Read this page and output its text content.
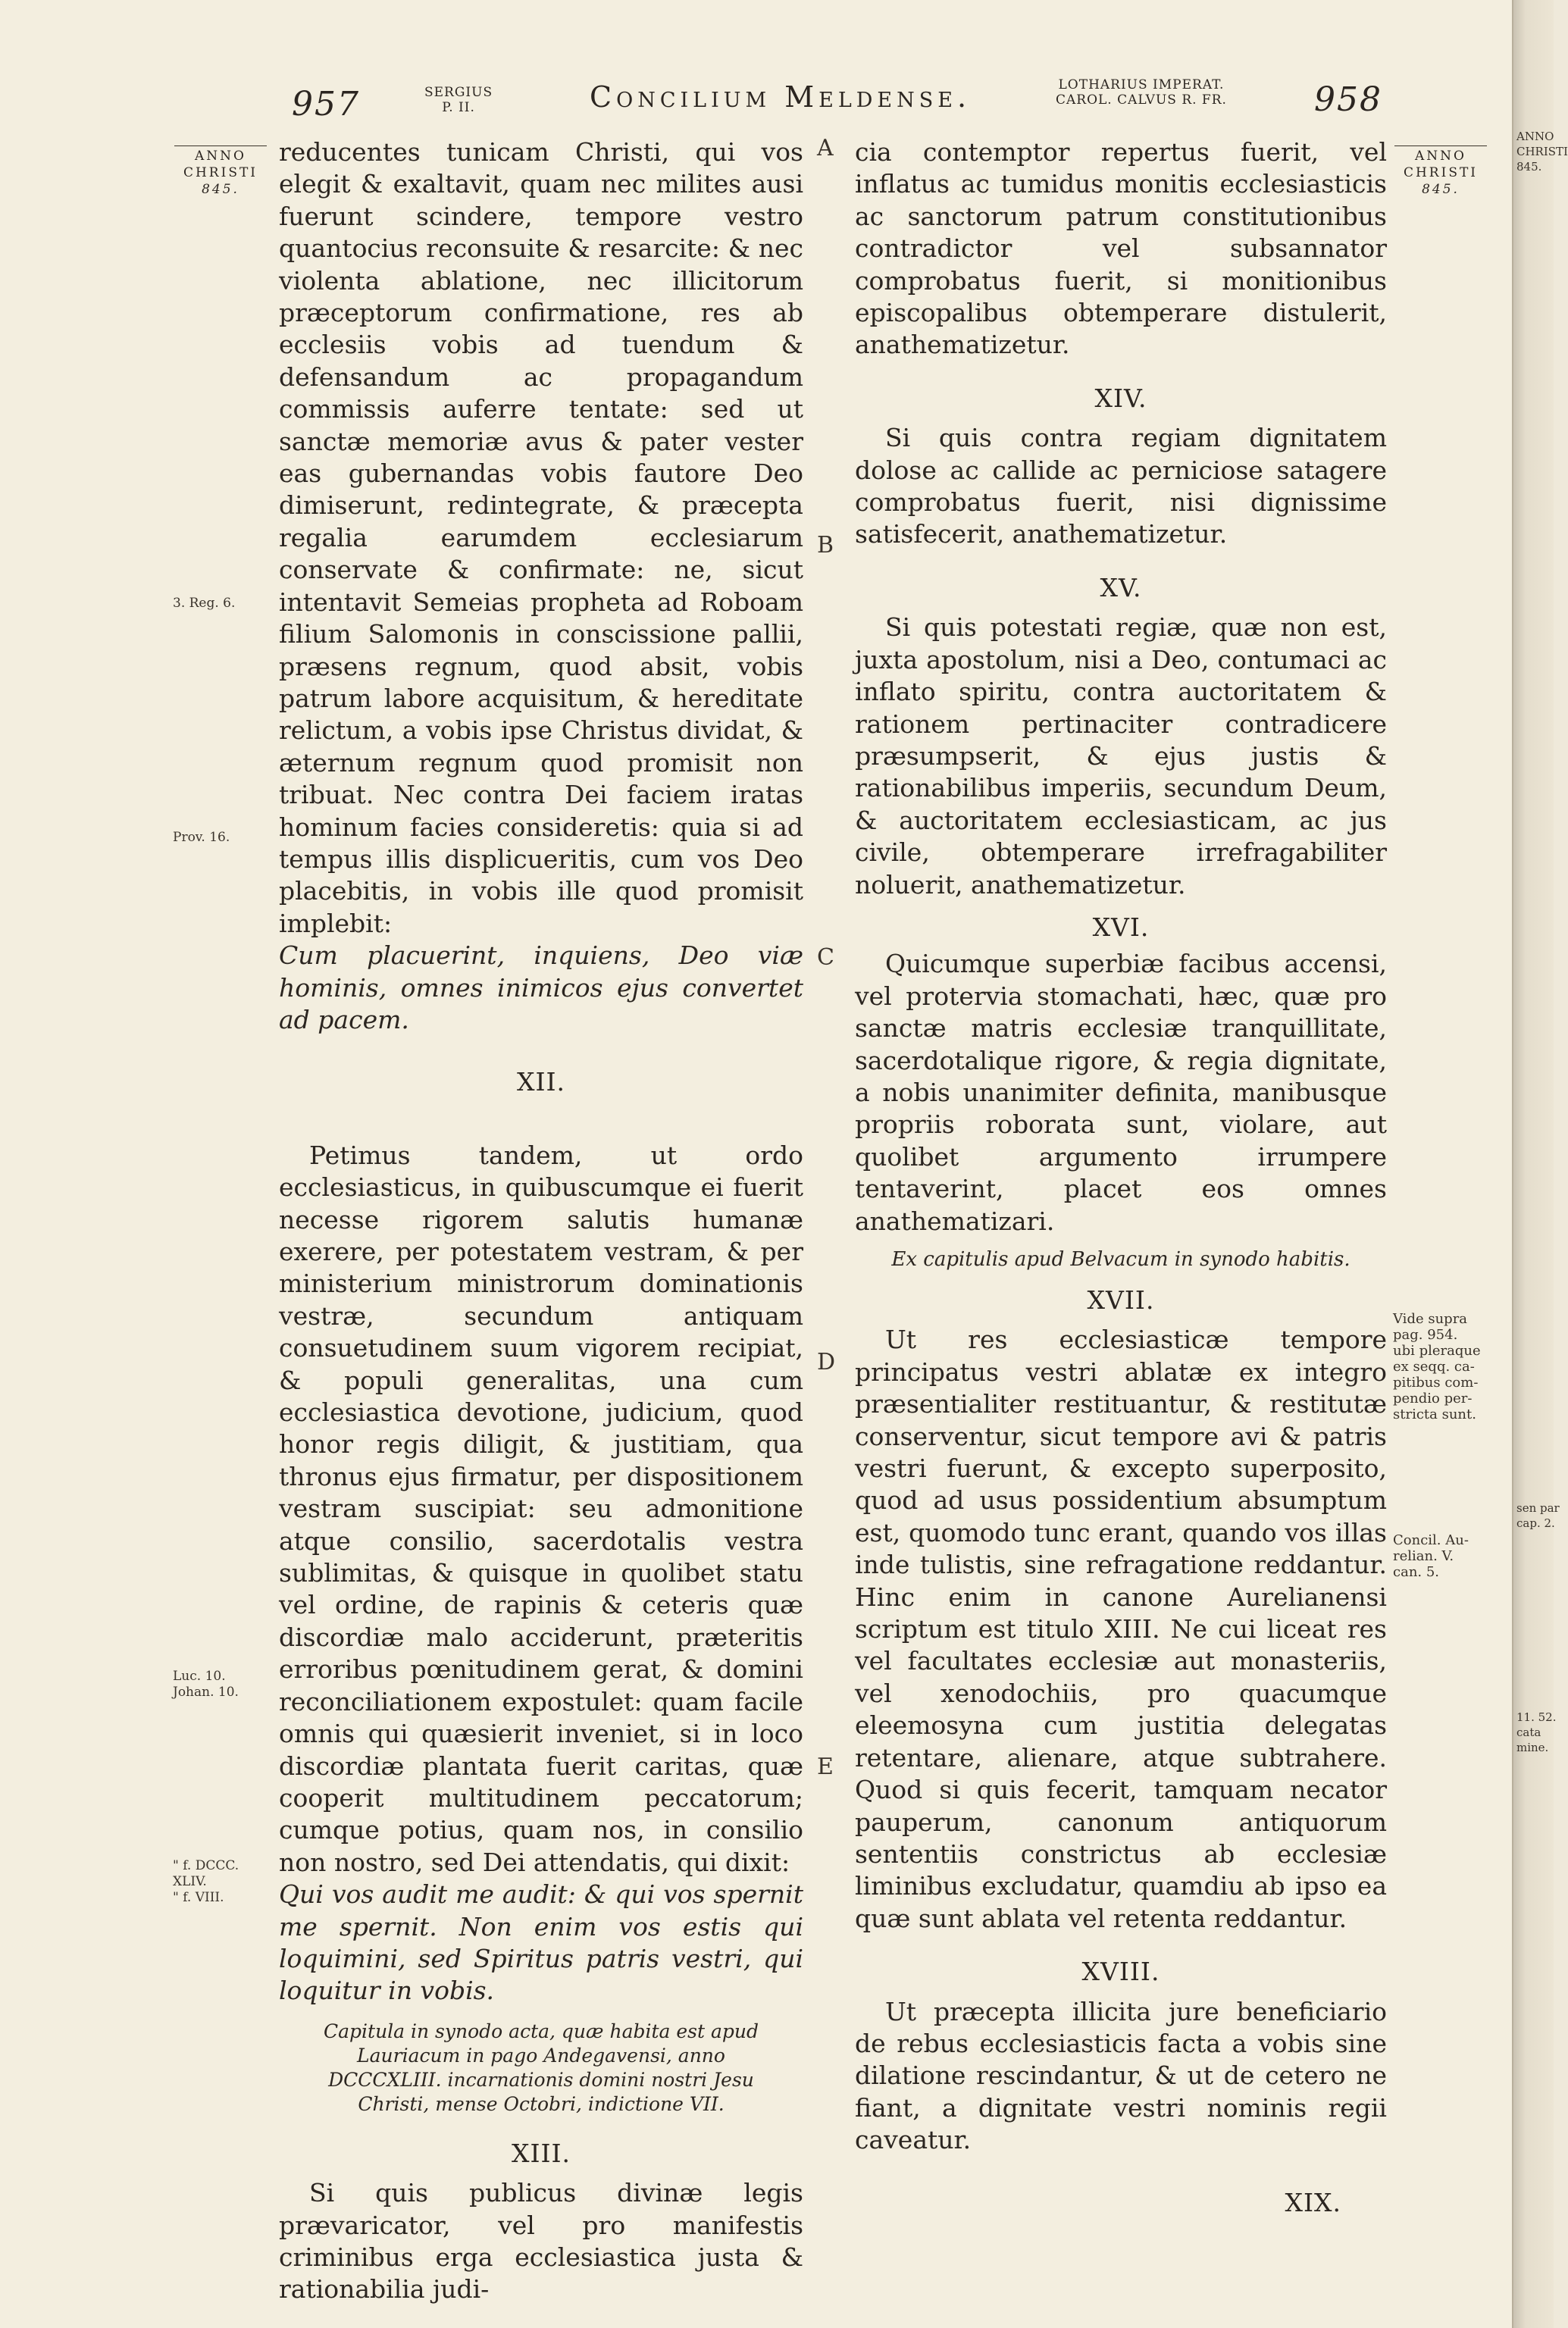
957	SERGIUS
P. II.	Concilium Meldense.	LOTHARIUS IMPERAT.
CAROL. CALVUS R. FR.	958
ANNO
CHRISTI
845.
ANNO
CHRISTI
845.
3. Reg. 6.
Prov. 16.
Luc. 10.
Johan. 10.
" f. DCCC.
XLIV.
" f. VIII.
A
B
C
D
E
Vide supra
pag. 954.
ubi pleraque
ex seqq. ca-
pitibus com-
pendio per-
stricta sunt.
Concil. Au-
relian. V.
can. 5.

reducentes tunicam Christi, qui vos elegit & exaltavit, quam nec milites ausi fuerunt scindere, tempore vestro quantocius reconsuite & resarcite: & nec violenta ablatione, nec illicitorum præceptorum confirmatione, res ab ecclesiis vobis ad tuendum & defensandum ac propagandum commissis auferre tentate: sed ut sanctæ memoriæ avus & pater vester eas gubernandas vobis fautore Deo dimiserunt, redintegrate, & præcepta regalia earumdem ecclesiarum conservate & confirmate: ne, sicut intentavit Semeias propheta ad Roboam filium Salomonis in conscissione pallii, præsens regnum, quod absit, vobis patrum labore acquisitum, & hereditate relictum, a vobis ipse Christus dividat, & æternum regnum quod promisit non tribuat. Nec contra Dei faciem iratas hominum facies consideretis: quia si ad tempus illis displicueritis, cum vos Deo placebitis, in vobis ille quod promisit implebit:

Cum placuerint, inquiens, Deo viæ hominis, omnes inimicos ejus convertet ad pacem.

XII.

Petimus tandem, ut ordo ecclesiasticus, in quibuscumque ei fuerit necesse rigorem salutis humanæ exerere, per potestatem vestram, & per ministerium ministrorum dominationis vestræ, secundum antiquam consuetudinem suum vigorem recipiat, & populi generalitas, una cum ecclesiastica devotione, judicium, quod honor regis diligit, & justitiam, qua thronus ejus firmatur, per dispositionem vestram suscipiat: seu admonitione atque consilio, sacerdotalis vestra sublimitas, & quisque in quolibet statu vel ordine, de rapinis & ceteris quæ discordiæ malo acciderunt, præteritis erroribus pœnitudinem gerat, & domini reconciliationem expostulet: quam facile omnis qui quæsierit inveniet, si in loco discordiæ plantata fuerit caritas, quæ cooperit multitudinem peccatorum; cumque potius, quam nos, in consilio non nostro, sed Dei attendatis, qui dixit:

Qui vos audit me audit: & qui vos spernit me spernit. Non enim vos estis qui loquimini, sed Spiritus patris vestri, qui loquitur in vobis.

Capitula in synodo acta, quæ habita est apud Lauriacum in pago Andegavensi, anno DCCCXLIII. incarnationis domini nostri Jesu Christi, mense Octobri, indictione VII.

XIII.

Si quis publicus divinæ legis prævaricator, vel pro manifestis criminibus erga ecclesiastica justa & rationabilia judi-

cia contemptor repertus fuerit, vel inflatus ac tumidus monitis ecclesiasticis ac sanctorum patrum constitutionibus contradictor vel subsannator comprobatus fuerit, si monitionibus episcopalibus obtemperare distulerit, anathematizetur.

XIV.

Si quis contra regiam dignitatem dolose ac callide ac perniciose satagere comprobatus fuerit, nisi dignissime satisfecerit, anathematizetur.

XV.

Si quis potestati regiæ, quæ non est, juxta apostolum, nisi a Deo, contumaci ac inflato spiritu, contra auctoritatem & rationem pertinaciter contradicere præsumpserit, & ejus justis & rationabilibus imperiis, secundum Deum, & auctoritatem ecclesiasticam, ac jus civile, obtemperare irrefragabiliter noluerit, anathematizetur.

XVI.

Quicumque superbiæ facibus accensi, vel protervia stomachati, hæc, quæ pro sanctæ matris ecclesiæ tranquillitate, sacerdotalique rigore, & regia dignitate, a nobis unanimiter definita, manibusque propriis roborata sunt, violare, aut quolibet argumento irrumpere tentaverint, placet eos omnes anathematizari.

Ex capitulis apud Belvacum in synodo habitis.

XVII.

Ut res ecclesiasticæ tempore principatus vestri ablatæ ex integro præsentialiter restituantur, & restitutæ conserventur, sicut tempore avi & patris vestri fuerunt, & excepto superposito, quod ad usus possidentium absumptum est, quomodo tunc erant, quando vos illas inde tulistis, sine refragatione reddantur. Hinc enim in canone Aurelianensi scriptum est titulo XIII. Ne cui liceat res vel facultates ecclesiæ aut monasteriis, vel xenodochiis, pro quacumque eleemosyna cum justitia delegatas retentare, alienare, atque subtrahere. Quod si quis fecerit, tamquam necator pauperum, canonum antiquorum sententiis constrictus ab ecclesiæ liminibus excludatur, quamdiu ab ipso ea quæ sunt ablata vel retenta reddantur.

XVIII.

Ut præcepta illicita jure beneficiario de rebus ecclesiasticis facta a vobis sine dilatione rescindantur, & ut de cetero ne fiant, a dignitate vestri nominis regii caveatur.

XIX.

ANNO
CHRISTI
845.
sen par
cap. 2.
11. 52.
cata
mine.
